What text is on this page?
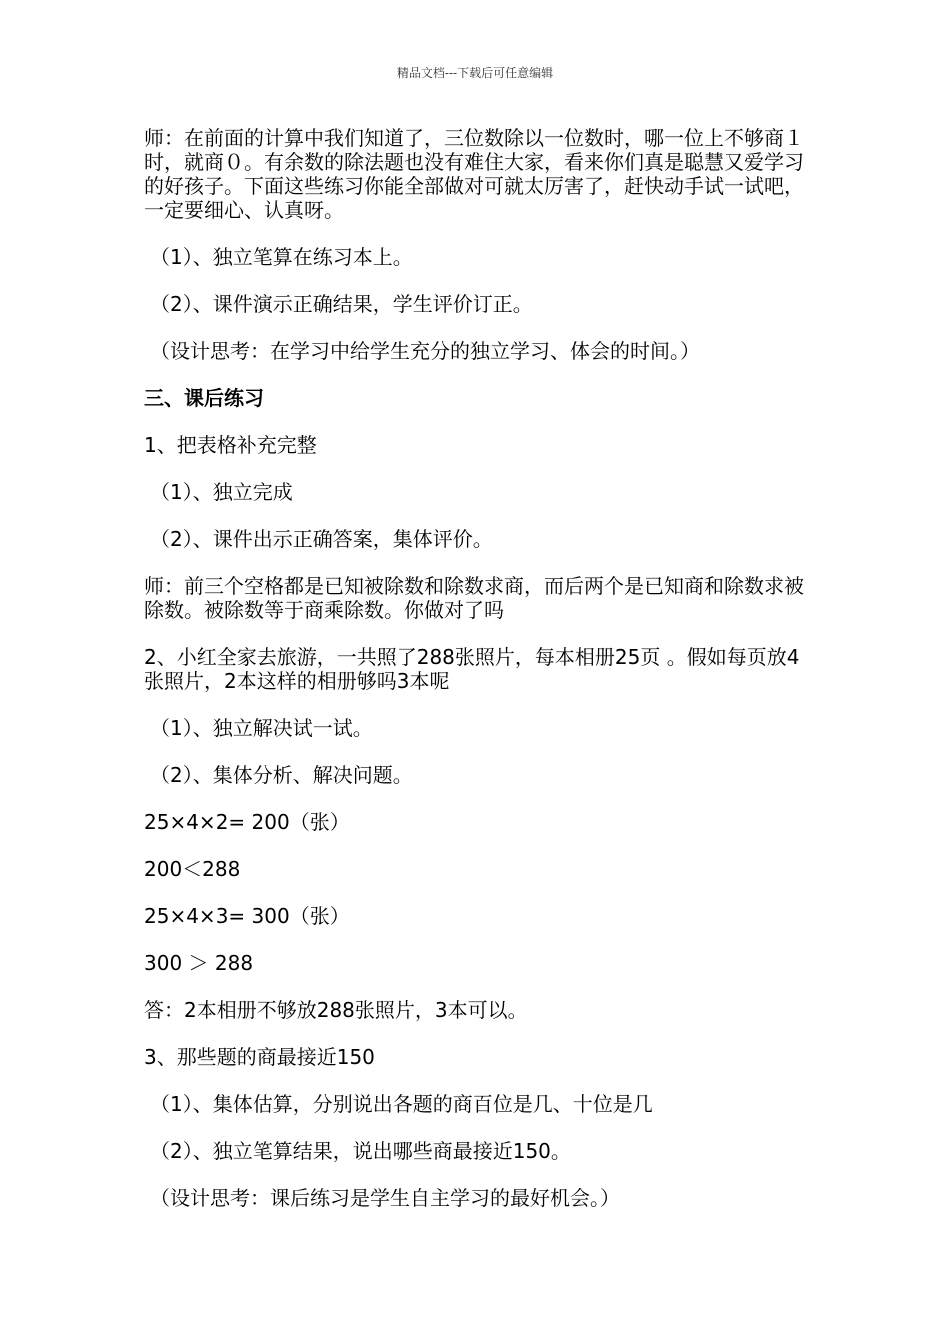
精品文档---下载后可任意编辑

师：在前面的计算中我们知道了，三位数除以一位数时，哪一位上不够商１时，就商０。有余数的除法题也没有难住大家，看来你们真是聪慧又爱学习的好孩子。下面这些练习你能全部做对可就太厉害了，赶快动手试一试吧，一定要细心、认真呀。

（1）、独立笔算在练习本上。

（2）、课件演示正确结果，学生评价订正。

（设计思考：在学习中给学生充分的独立学习、体会的时间。）

三、课后练习

1、把表格补充完整

（1）、独立完成

（2）、课件出示正确答案，集体评价。

师：前三个空格都是已知被除数和除数求商，而后两个是已知商和除数求被除数。被除数等于商乘除数。你做对了吗

2、小红全家去旅游，一共照了288张照片，每本相册25页 。假如每页放4张照片，2本这样的相册够吗3本呢

（1）、独立解决试一试。

（2）、集体分析、解决问题。

25×4×2= 200（张）

200＜288

25×4×3= 300（张）

300 ＞ 288

答：2本相册不够放288张照片，3本可以。

3、那些题的商最接近150

（1）、集体估算，分别说出各题的商百位是几、十位是几

（2）、独立笔算结果，说出哪些商最接近150。

（设计思考：课后练习是学生自主学习的最好机会。）
